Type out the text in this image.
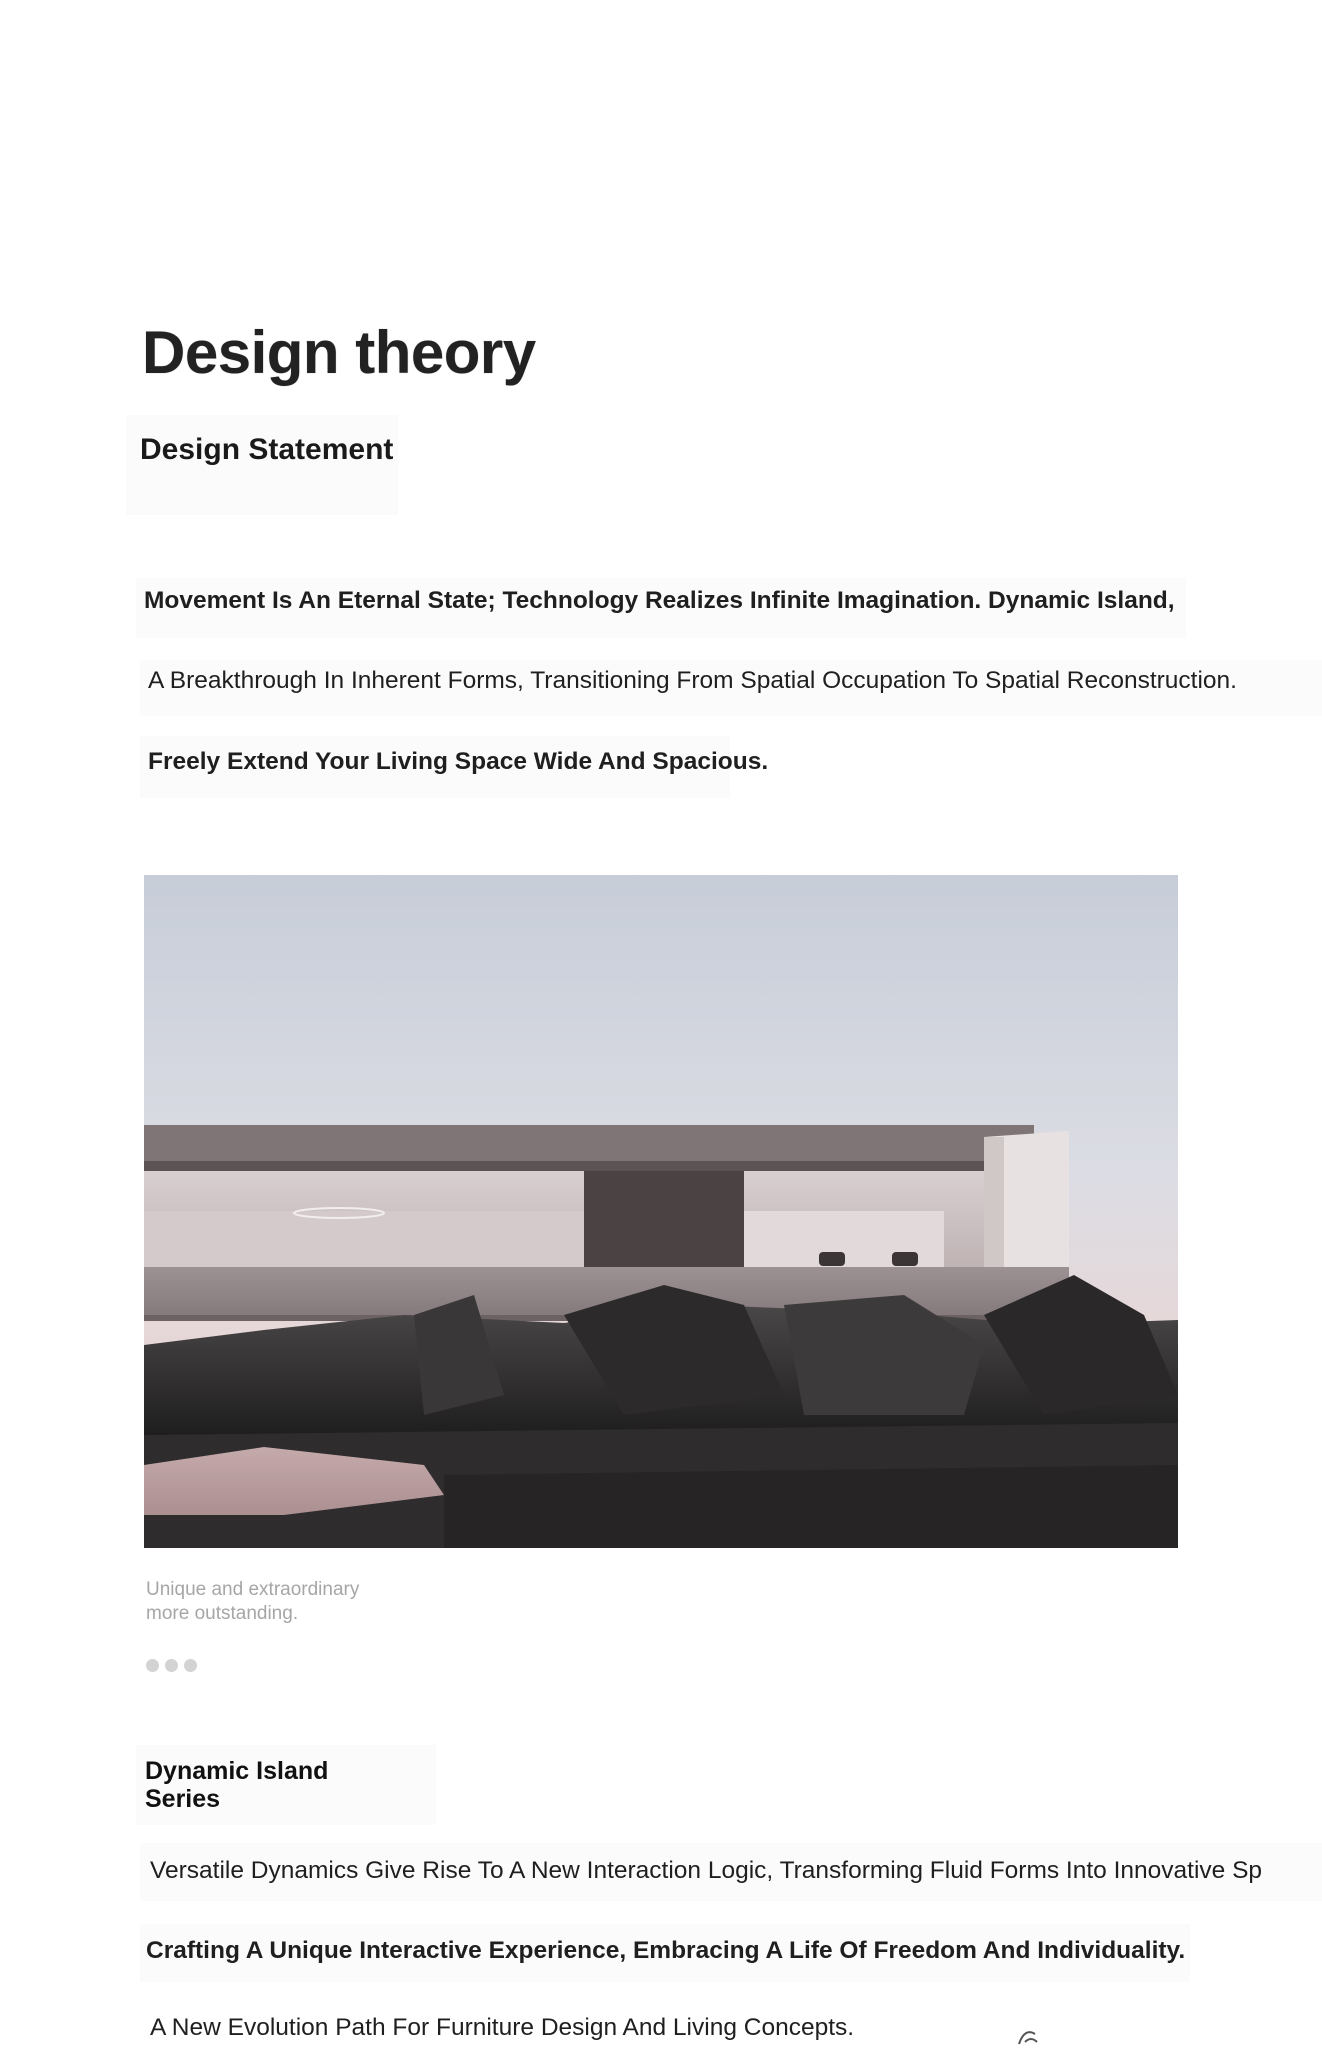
Design theory
Design Statement
Movement Is An Eternal State; Technology Realizes Infinite Imagination. Dynamic Island,
A Breakthrough In Inherent Forms, Transitioning From Spatial Occupation To Spatial Reconstruction.
Freely Extend Your Living Space Wide And Spacious.
Unique and extraordinary
more outstanding.
Dynamic Island
Series
Versatile Dynamics Give Rise To A New Interaction Logic, Transforming Fluid Forms Into Innovative Sp
Crafting A Unique Interactive Experience, Embracing A Life Of Freedom And Individuality.
A New Evolution Path For Furniture Design And Living Concepts.
